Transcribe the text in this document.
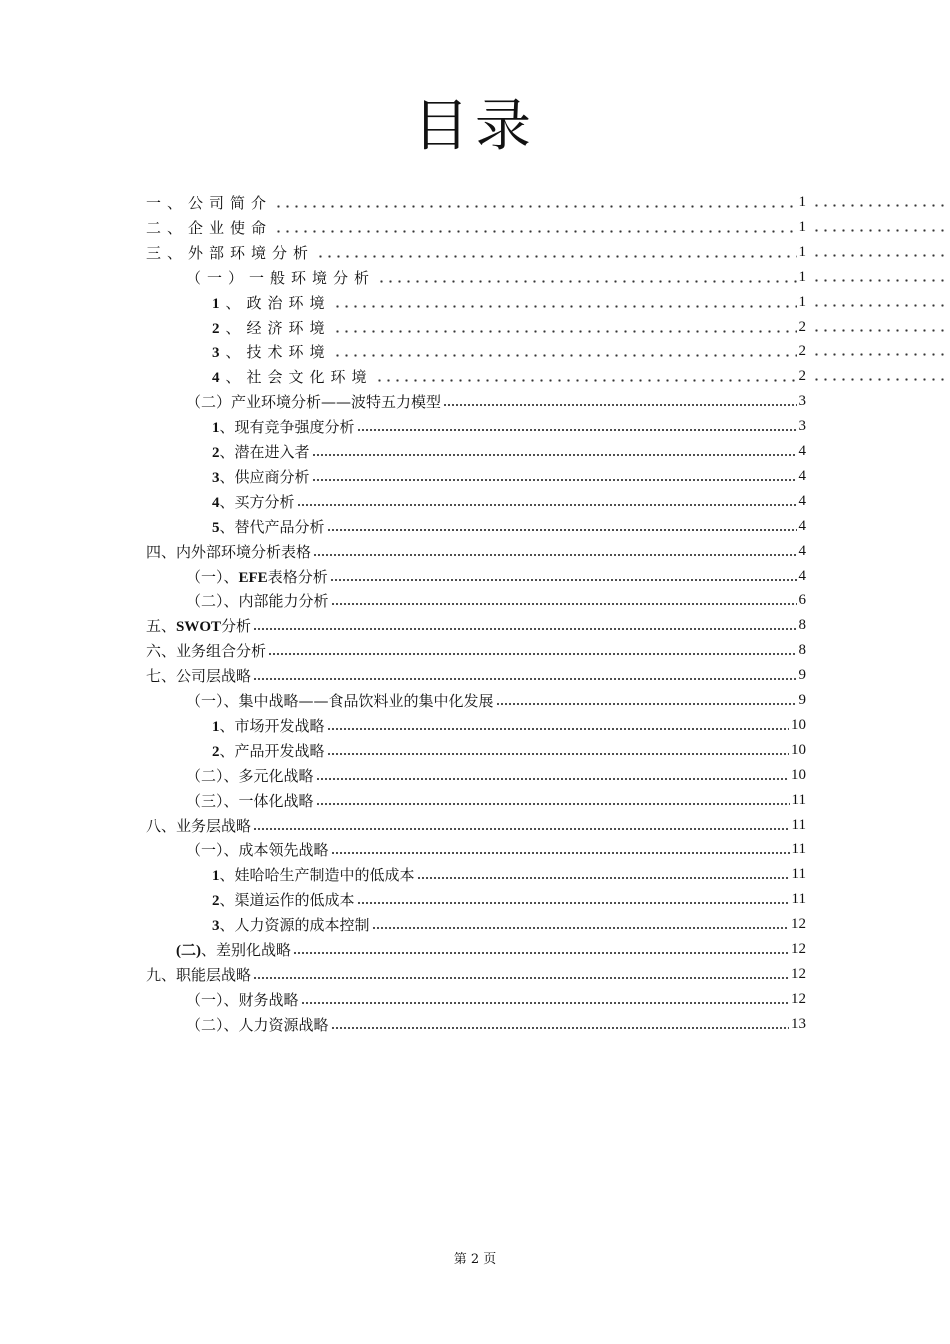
目录
一、公司简介	1
二、企业使命	1
三、外部环境分析	1
（一）一般环境分析	1
1、政治环境	1
2、经济环境	2
3、技术环境	2
4、社会文化环境	2
（二）产业环境分析——波特五力模型	3
1、现有竞争强度分析	3
2、潜在进入者	4
3、供应商分析	4
4、买方分析	4
5、替代产品分析	4
四、内外部环境分析表格	4
（一）、EFE表格分析	4
（二）、内部能力分析	6
五、SWOT分析	8
六、业务组合分析	8
七、公司层战略	9
（一）、集中战略——食品饮料业的集中化发展	9
1、市场开发战略	10
2、产品开发战略	10
（二）、多元化战略	10
（三）、一体化战略	11
八、业务层战略	11
（一）、成本领先战略	11
1、娃哈哈生产制造中的低成本	11
2、渠道运作的低成本	11
3、人力资源的成本控制	12
(二)、差别化战略	12
九、职能层战略	12
（一）、财务战略	12
（二）、人力资源战略	13
第 2 页
